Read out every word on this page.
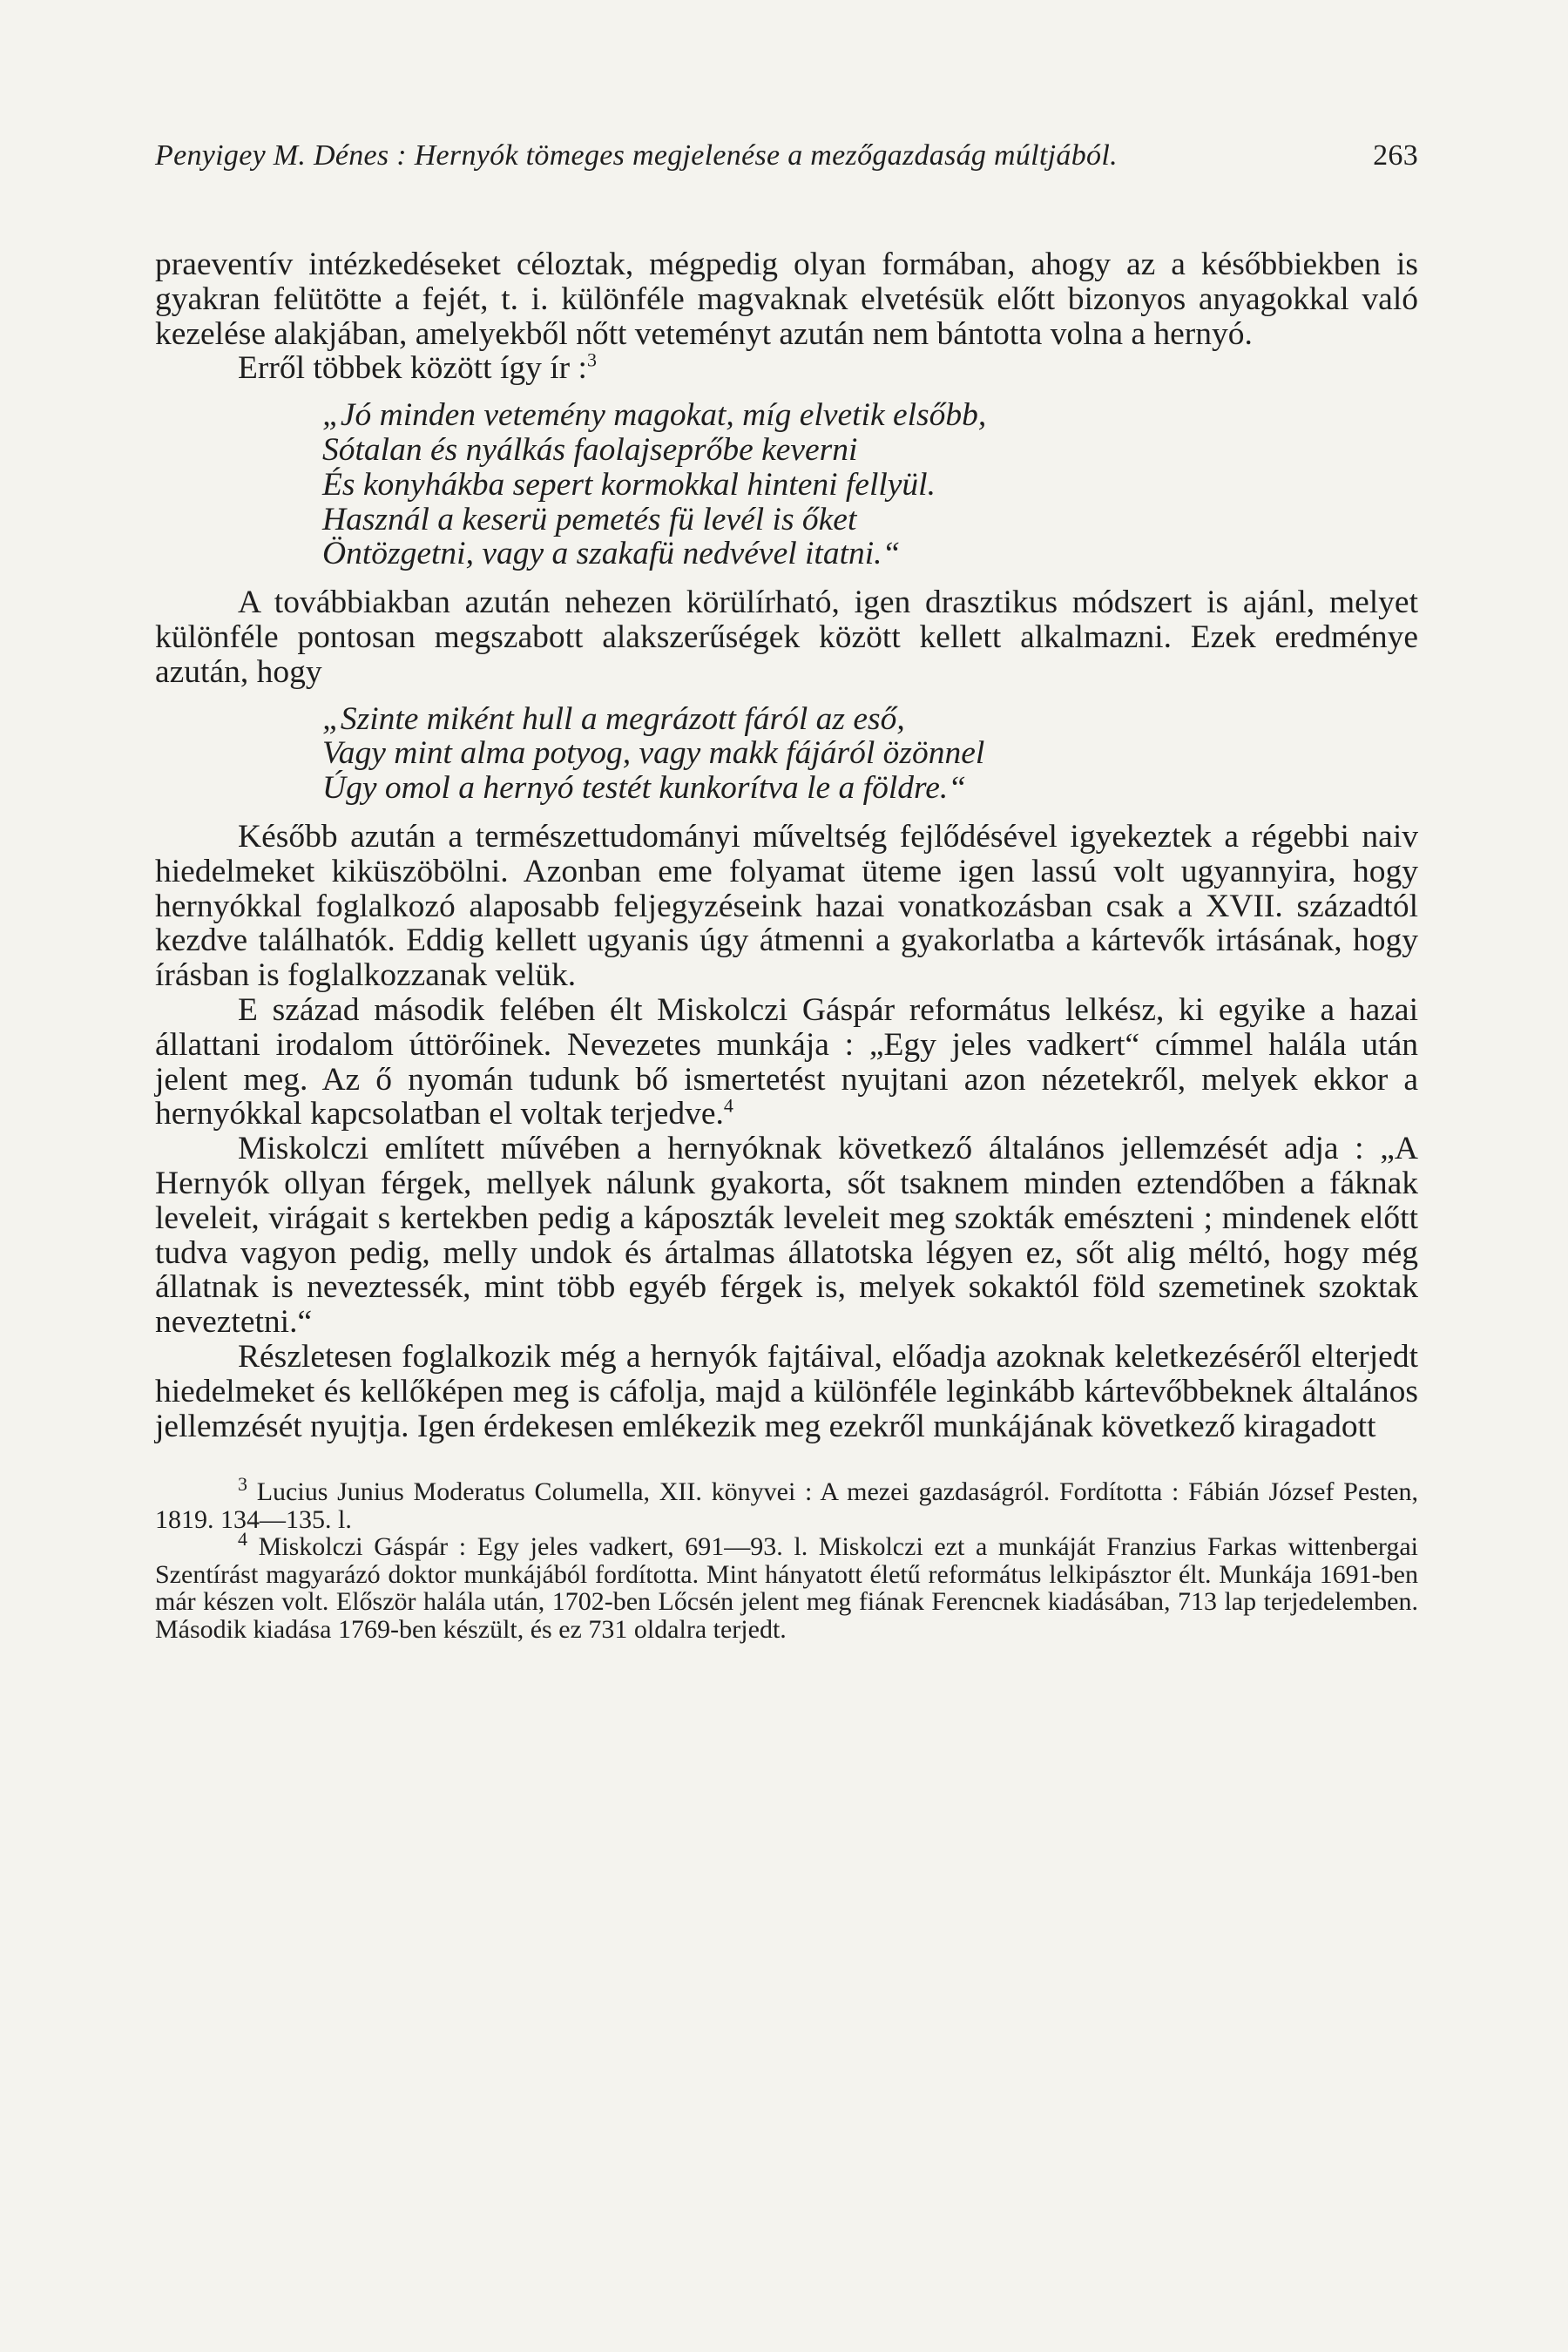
Penyigey M. Dénes : Hernyók tömeges megjelenése a mezőgazdaság múltjából.	263

praeventív intézkedéseket céloztak, mégpedig olyan formában, ahogy az a későbbiekben is gyakran felütötte a fejét, t. i. különféle magvaknak elvetésük előtt bizonyos anyagokkal való kezelése alakjában, amelyekből nőtt veteményt azután nem bántotta volna a hernyó.

Erről többek között így ír :$^3$

„Jó minden vetemény magokat, míg elvetik elsőbb,
Sótalan és nyálkás faolajseprőbe keverni
És konyhákba sepert kormokkal hinteni fellyül.
Használ a keserü pemetés fü levél is őket
Öntözgetni, vagy a szakafü nedvével itatni.“

A továbbiakban azután nehezen körülírható, igen drasztikus módszert is ajánl, melyet különféle pontosan megszabott alakszerűségek között kellett alkalmazni. Ezek eredménye azután, hogy

„Szinte miként hull a megrázott fáról az eső,
Vagy mint alma potyog, vagy makk fájáról özönnel
Úgy omol a hernyó testét kunkorítva le a földre.“

Később azután a természettudományi műveltség fejlődésével igyekeztek a régebbi naiv hiedelmeket kiküszöbölni. Azonban eme folyamat üteme igen lassú volt ugyannyira, hogy hernyókkal foglalkozó alaposabb feljegyzéseink hazai vonatkozásban csak a XVII. századtól kezdve találhatók. Eddig kellett ugyanis úgy átmenni a gyakorlatba a kártevők irtásának, hogy írásban is foglalkozzanak velük.

E század második felében élt Miskolczi Gáspár református lelkész, ki egyike a hazai állattani irodalom úttörőinek. Nevezetes munkája : „Egy jeles vadkert“ címmel halála után jelent meg. Az ő nyomán tudunk bő ismertetést nyujtani azon nézetekről, melyek ekkor a hernyókkal kapcsolatban el voltak terjedve.$^4$

Miskolczi említett művében a hernyóknak következő általános jellemzését adja : „A Hernyók ollyan férgek, mellyek nálunk gyakorta, sőt tsaknem minden eztendőben a fáknak leveleit, virágait s kertekben pedig a káposzták leveleit meg szokták emészteni ; mindenek előtt tudva vagyon pedig, melly undok és ártalmas állatotska légyen ez, sőt alig méltó, hogy még állatnak is neveztessék, mint több egyéb férgek is, melyek sokaktól föld szemetinek szoktak neveztetni.“

Részletesen foglalkozik még a hernyók fajtáival, előadja azoknak keletkezéséről elterjedt hiedelmeket és kellőképen meg is cáfolja, majd a különféle leginkább kártevőbbeknek általános jellemzését nyujtja. Igen érdekesen emlékezik meg ezekről munkájának következő kiragadott

$^3$ Lucius Junius Moderatus Columella, XII. könyvei : A mezei gazdaságról. Fordította : Fábián József Pesten, 1819. 134—135. l.

$^4$ Miskolczi Gáspár : Egy jeles vadkert, 691—93. l. Miskolczi ezt a munkáját Franzius Farkas wittenbergai Szentírást magyarázó doktor munkájából fordította. Mint hányatott életű református lelkipásztor élt. Munkája 1691-ben már készen volt. Először halála után, 1702-ben Lőcsén jelent meg fiának Ferencnek kiadásában, 713 lap terjedelemben. Második kiadása 1769-ben készült, és ez 731 oldalra terjedt.
